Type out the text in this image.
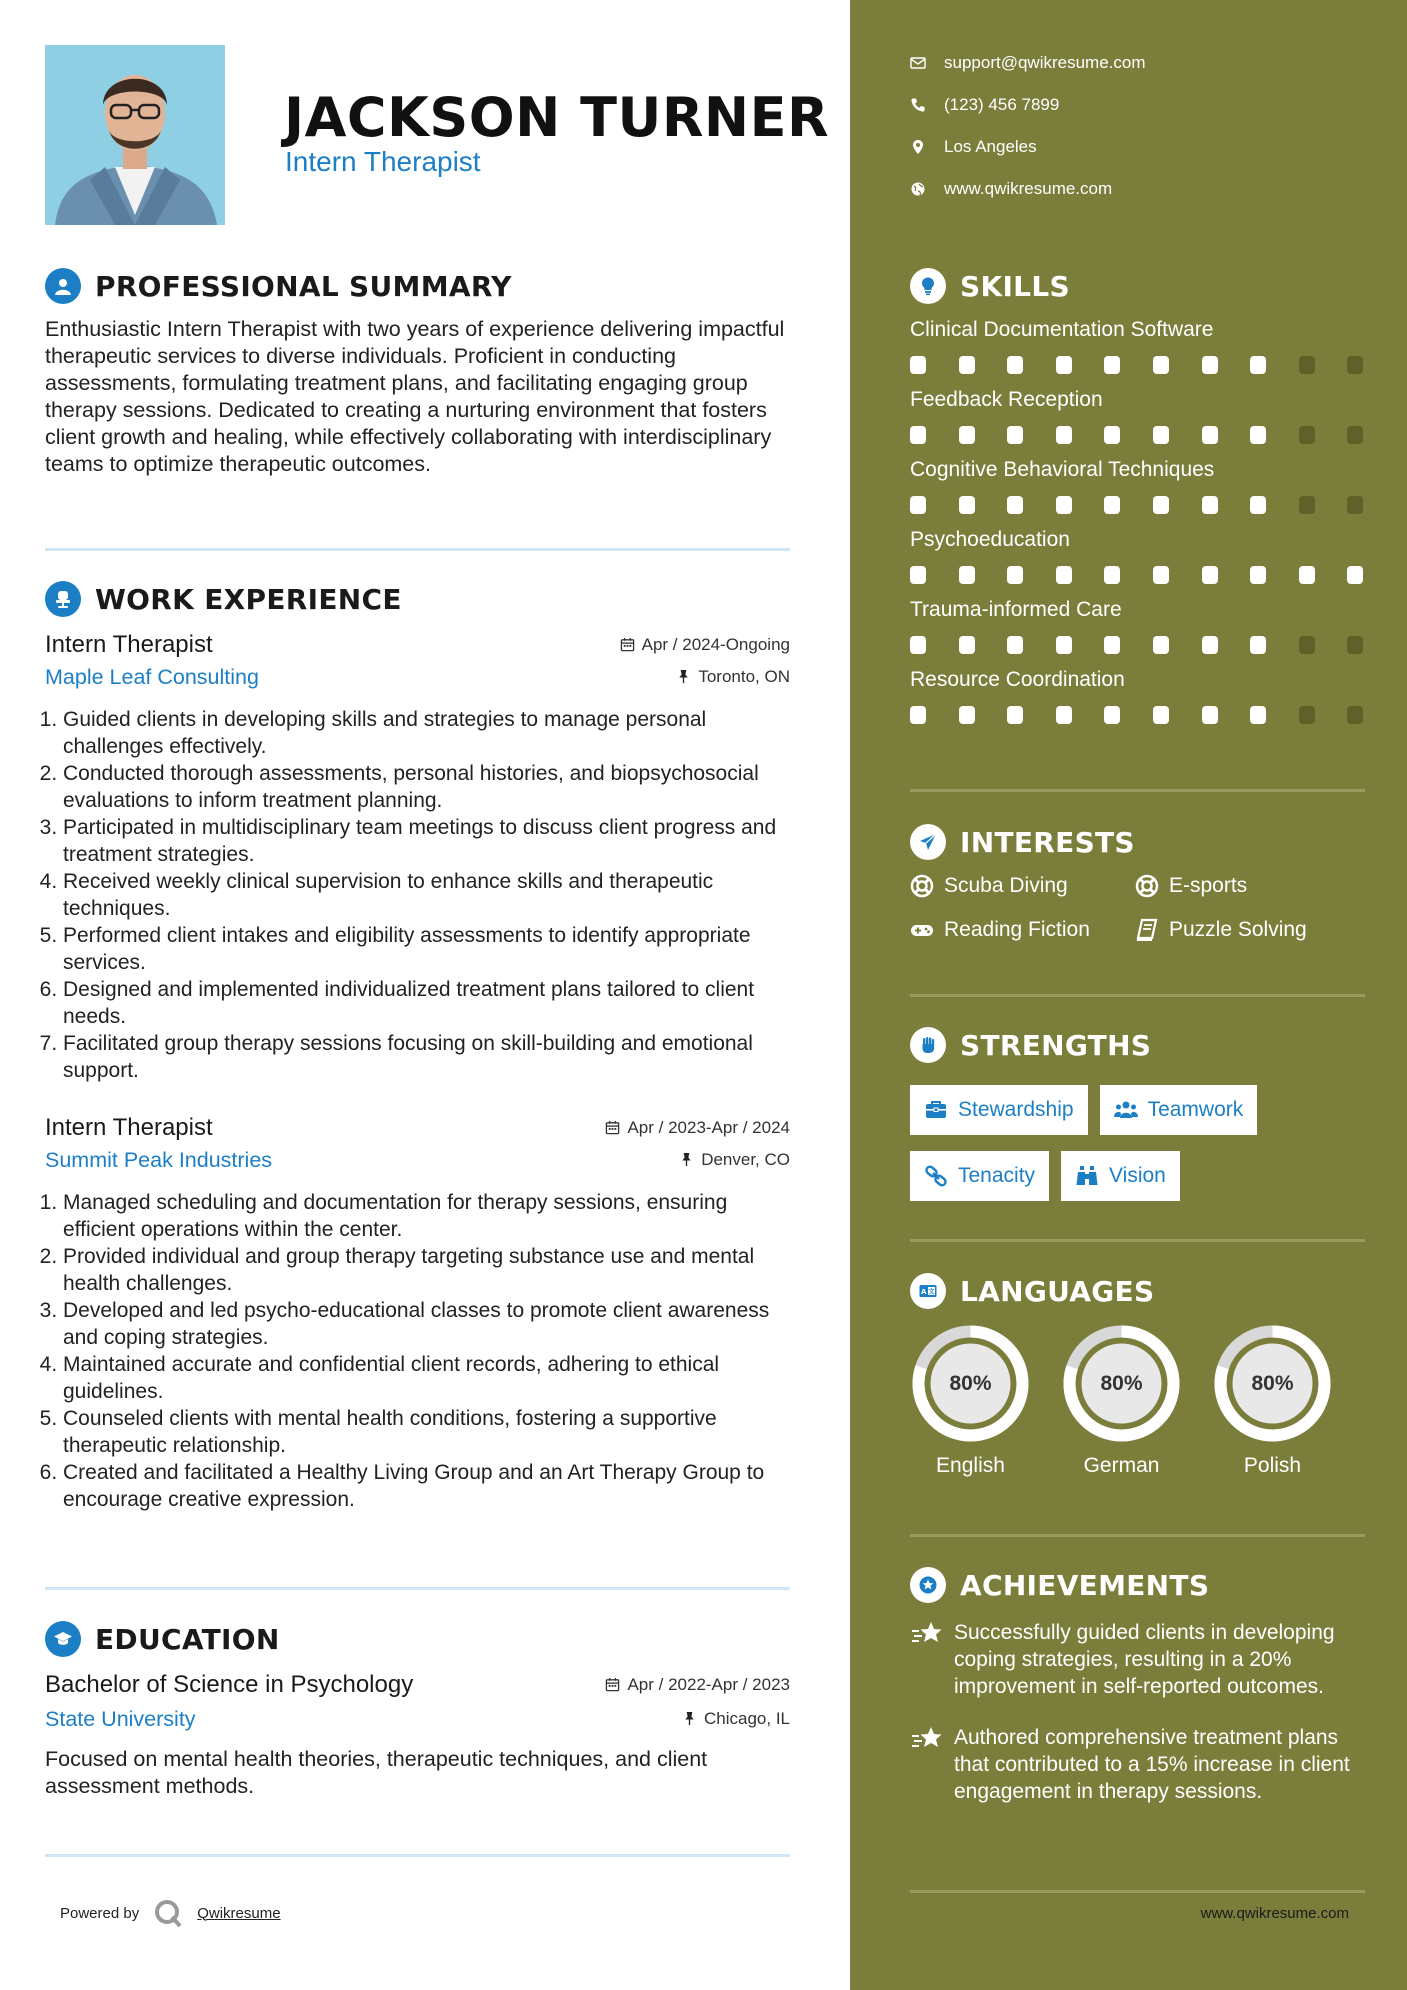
JACKSON TURNER
Intern Therapist
PROFESSIONAL SUMMARY

Enthusiastic Intern Therapist with two years of experience delivering impactful therapeutic services to diverse individuals. Proficient in conducting assessments, formulating treatment plans, and facilitating engaging group therapy sessions. Dedicated to creating a nurturing environment that fosters client growth and healing, while effectively collaborating with interdisciplinary teams to optimize therapeutic outcomes.

WORK EXPERIENCE
Intern Therapist	Apr / 2024-Ongoing
Maple Leaf Consulting	Toronto, ON
1. Guided clients in developing skills and strategies to manage personal challenges effectively.
2. Conducted thorough assessments, personal histories, and biopsychosocial evaluations to inform treatment planning.
3. Participated in multidisciplinary team meetings to discuss client progress and treatment strategies.
4. Received weekly clinical supervision to enhance skills and therapeutic techniques.
5. Performed client intakes and eligibility assessments to identify appropriate services.
6. Designed and implemented individualized treatment plans tailored to client needs.
7. Facilitated group therapy sessions focusing on skill-building and emotional support.
Intern Therapist	Apr / 2023-Apr / 2024
Summit Peak Industries	Denver, CO
1. Managed scheduling and documentation for therapy sessions, ensuring efficient operations within the center.
2. Provided individual and group therapy targeting substance use and mental health challenges.
3. Developed and led psycho-educational classes to promote client awareness and coping strategies.
4. Maintained accurate and confidential client records, adhering to ethical guidelines.
5. Counseled clients with mental health conditions, fostering a supportive therapeutic relationship.
6. Created and facilitated a Healthy Living Group and an Art Therapy Group to encourage creative expression.
EDUCATION
Bachelor of Science in Psychology	Apr / 2022-Apr / 2023
State University	Chicago, IL

Focused on mental health theories, therapeutic techniques, and client assessment methods.

Powered by	Qwikresume
support@qwikresume.com
(123) 456 7899
Los Angeles
www.qwikresume.com
SKILLS
Clinical Documentation Software
Feedback Reception
Cognitive Behavioral Techniques
Psychoeducation
Trauma-informed Care
Resource Coordination
INTERESTS
Scuba Diving	E-sports
Reading Fiction	Puzzle Solving
STRENGTHS
Stewardship	Teamwork
Tenacity	Vision
A 文 LANGUAGES
80%
English
80%
German
80%
Polish
ACHIEVEMENTS

Successfully guided clients in developing coping strategies, resulting in a 20% improvement in self-reported outcomes.

Authored comprehensive treatment plans that contributed to a 15% increase in client engagement in therapy sessions.

www.qwikresume.com
